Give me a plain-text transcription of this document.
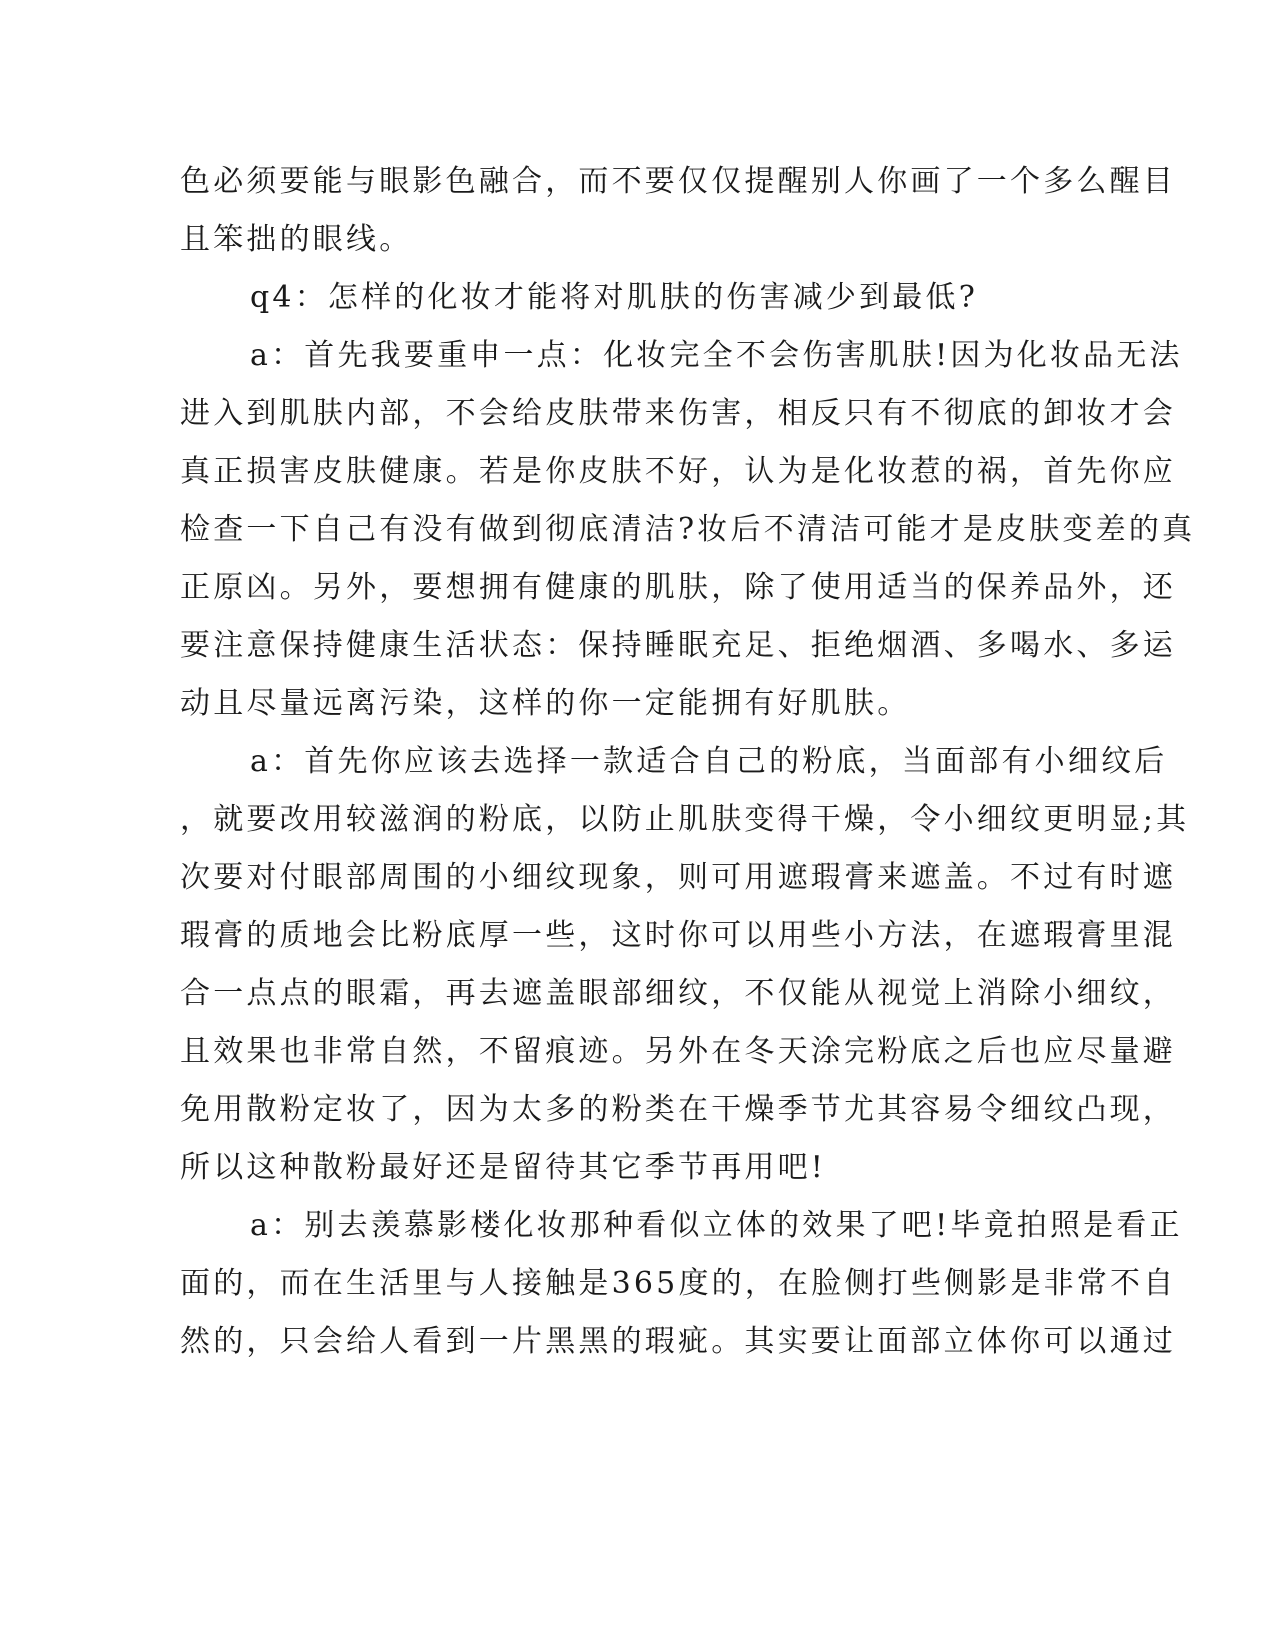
色必须要能与眼影色融合，而不要仅仅提醒别人你画了一个多么醒目
且笨拙的眼线。
q4：怎样的化妆才能将对肌肤的伤害减少到最低?
a：首先我要重申一点：化妆完全不会伤害肌肤!因为化妆品无法
进入到肌肤内部，不会给皮肤带来伤害，相反只有不彻底的卸妆才会
真正损害皮肤健康。若是你皮肤不好，认为是化妆惹的祸，首先你应
检查一下自己有没有做到彻底清洁?妆后不清洁可能才是皮肤变差的真
正原凶。另外，要想拥有健康的肌肤，除了使用适当的保养品外，还
要注意保持健康生活状态：保持睡眠充足、拒绝烟酒、多喝水、多运
动且尽量远离污染，这样的你一定能拥有好肌肤。
a：首先你应该去选择一款适合自己的粉底，当面部有小细纹后
，就要改用较滋润的粉底，以防止肌肤变得干燥，令小细纹更明显;其
次要对付眼部周围的小细纹现象，则可用遮瑕膏来遮盖。不过有时遮
瑕膏的质地会比粉底厚一些，这时你可以用些小方法，在遮瑕膏里混
合一点点的眼霜，再去遮盖眼部细纹，不仅能从视觉上消除小细纹，
且效果也非常自然，不留痕迹。另外在冬天涂完粉底之后也应尽量避
免用散粉定妆了，因为太多的粉类在干燥季节尤其容易令细纹凸现，
所以这种散粉最好还是留待其它季节再用吧!
a：别去羡慕影楼化妆那种看似立体的效果了吧!毕竟拍照是看正
面的，而在生活里与人接触是365度的，在脸侧打些侧影是非常不自
然的，只会给人看到一片黑黑的瑕疵。其实要让面部立体你可以通过
